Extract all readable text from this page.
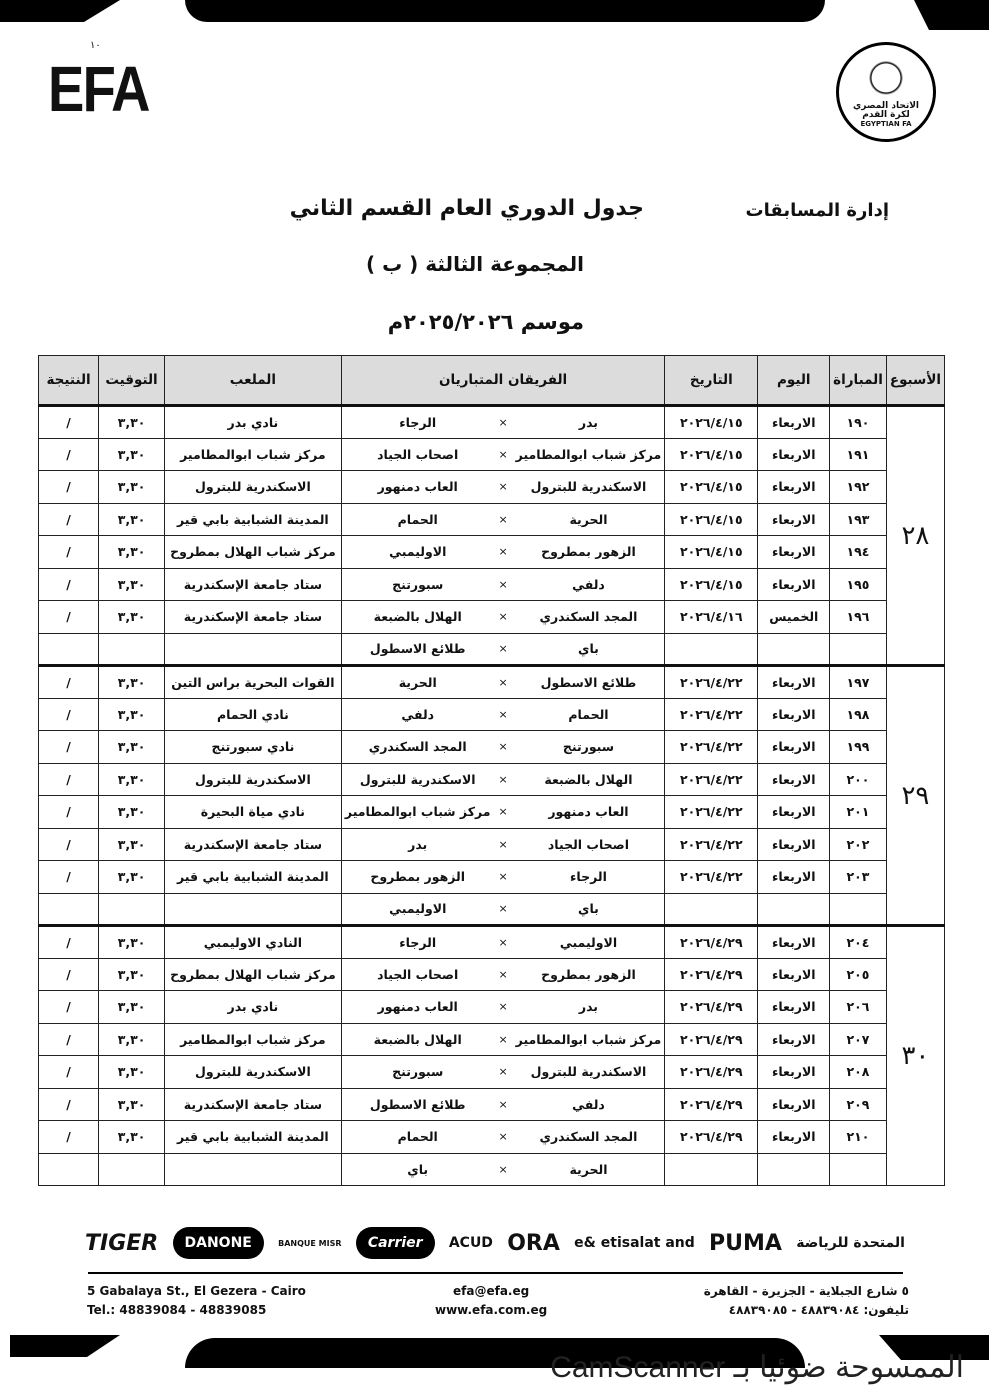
١٠
EFA	الاتحاد المصري
لكرة القدم
EGYPTIAN FA
إدارة المسابقات
جدول الدوري العام القسم الثاني
المجموعة الثالثة ( ب )
موسم ٢٠٢٥/٢٠٢٦م
الأسبوع	المباراة	اليوم	التاريخ	الفريقان المتباريان			الملعب	التوقيت	النتيجة
٢٨	١٩٠	الاربعاء	٢٠٢٦/٤/١٥	بدر	×	الرجاء	نادي بدر	٣,٣٠	/
	١٩١	الاربعاء	٢٠٢٦/٤/١٥	مركز شباب ابوالمطامير	×	اصحاب الجياد	مركز شباب ابوالمطامير	٣,٣٠	/
	١٩٢	الاربعاء	٢٠٢٦/٤/١٥	الاسكندرية للبترول	×	العاب دمنهور	الاسكندرية للبترول	٣,٣٠	/
	١٩٣	الاربعاء	٢٠٢٦/٤/١٥	الحرية	×	الحمام	المدينة الشبابية بابي قير	٣,٣٠	/
	١٩٤	الاربعاء	٢٠٢٦/٤/١٥	الزهور بمطروح	×	الاوليمبي	مركز شباب الهلال بمطروح	٣,٣٠	/
	١٩٥	الاربعاء	٢٠٢٦/٤/١٥	دلفي	×	سبورتنج	ستاد جامعة الإسكندرية	٣,٣٠	/
	١٩٦	الخميس	٢٠٢٦/٤/١٦	المجد السكندري	×	الهلال بالضبعة	ستاد جامعة الإسكندرية	٣,٣٠	/
				باي	×	طلائع الاسطول			
٢٩	١٩٧	الاربعاء	٢٠٢٦/٤/٢٢	طلائع الاسطول	×	الحرية	القوات البحرية براس التين	٣,٣٠	/
	١٩٨	الاربعاء	٢٠٢٦/٤/٢٢	الحمام	×	دلفي	نادي الحمام	٣,٣٠	/
	١٩٩	الاربعاء	٢٠٢٦/٤/٢٢	سبورتنج	×	المجد السكندري	نادي سبورتنج	٣,٣٠	/
	٢٠٠	الاربعاء	٢٠٢٦/٤/٢٢	الهلال بالضبعة	×	الاسكندرية للبترول	الاسكندرية للبترول	٣,٣٠	/
	٢٠١	الاربعاء	٢٠٢٦/٤/٢٢	العاب دمنهور	×	مركز شباب ابوالمطامير	نادي مياة البحيرة	٣,٣٠	/
	٢٠٢	الاربعاء	٢٠٢٦/٤/٢٢	اصحاب الجياد	×	بدر	ستاد جامعة الإسكندرية	٣,٣٠	/
	٢٠٣	الاربعاء	٢٠٢٦/٤/٢٢	الرجاء	×	الزهور بمطروح	المدينة الشبابية بابي قير	٣,٣٠	/
				باي	×	الاوليمبي			
٣٠	٢٠٤	الاربعاء	٢٠٢٦/٤/٢٩	الاوليمبي	×	الرجاء	النادي الاوليمبي	٣,٣٠	/
	٢٠٥	الاربعاء	٢٠٢٦/٤/٢٩	الزهور بمطروح	×	اصحاب الجياد	مركز شباب الهلال بمطروح	٣,٣٠	/
	٢٠٦	الاربعاء	٢٠٢٦/٤/٢٩	بدر	×	العاب دمنهور	نادي بدر	٣,٣٠	/
	٢٠٧	الاربعاء	٢٠٢٦/٤/٢٩	مركز شباب ابوالمطامير	×	الهلال بالضبعة	مركز شباب ابوالمطامير	٣,٣٠	/
	٢٠٨	الاربعاء	٢٠٢٦/٤/٢٩	الاسكندرية للبترول	×	سبورتنج	الاسكندرية للبترول	٣,٣٠	/
	٢٠٩	الاربعاء	٢٠٢٦/٤/٢٩	دلفي	×	طلائع الاسطول	ستاد جامعة الإسكندرية	٣,٣٠	/
	٢١٠	الاربعاء	٢٠٢٦/٤/٢٩	المجد السكندري	×	الحمام	المدينة الشبابية بابي قير	٣,٣٠	/
				الحرية	×	باي			
TIGER	DANONE	BANQUE MISR	Carrier	ACUD ORA e& etisalat and PUMA المتحدة للرياضة
5 Gabalaya St., El Gezera - Cairo
Tel.: 48839084 - 48839085
efa@efa.eg
www.efa.com.eg
٥ شارع الجبلاية - الجزيرة - القاهرة
تليفون: ٤٨٨٣٩٠٨٤ - ٤٨٨٣٩٠٨٥
الممسوحة ضوئيا بـ CamScanner
